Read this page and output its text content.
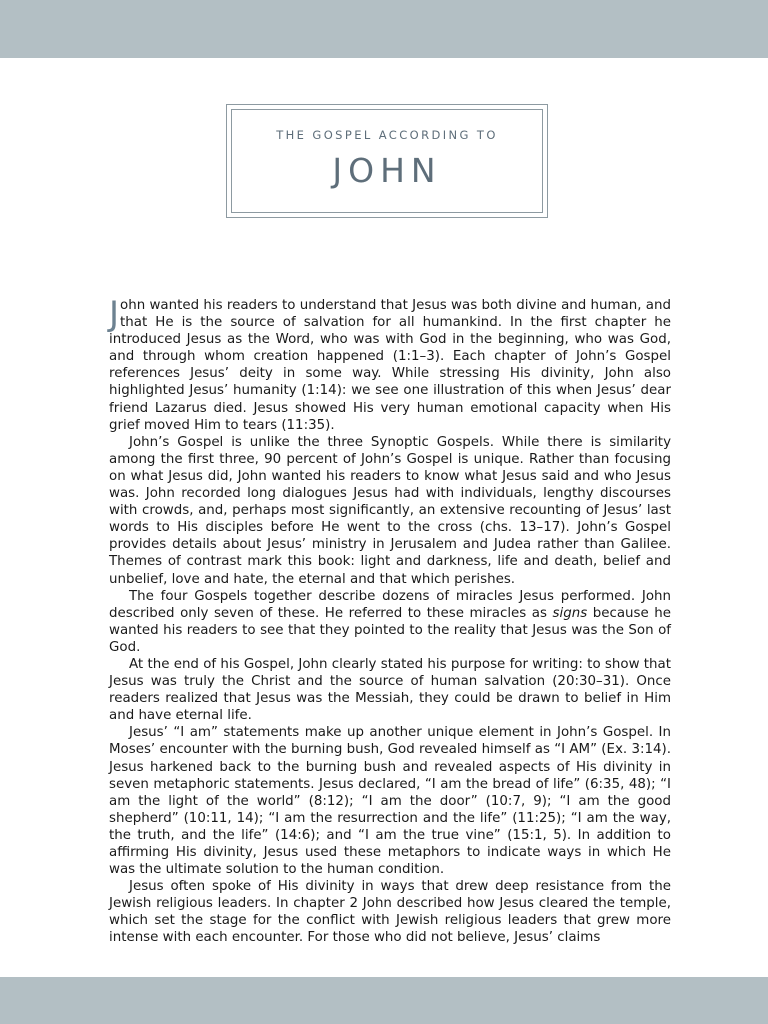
THE GOSPEL ACCORDING TO
JOHN

John wanted his readers to understand that Jesus was both divine and human, and that He is the source of salvation for all humankind. In the first chapter he introduced Jesus as the Word, who was with God in the beginning, who was God, and through whom creation happened (1:1–3). Each chapter of John’s Gospel references Jesus’ deity in some way. While stressing His divinity, John also highlighted Jesus’ humanity (1:14): we see one illustration of this when Jesus’ dear friend Lazarus died. Jesus showed His very human emotional capacity when His grief moved Him to tears (11:35).

John’s Gospel is unlike the three Synoptic Gospels. While there is similarity among the first three, 90 percent of John’s Gospel is unique. Rather than focusing on what Jesus did, John wanted his readers to know what Jesus said and who Jesus was. John recorded long dialogues Jesus had with individuals, lengthy discourses with crowds, and, perhaps most significantly, an extensive recounting of Jesus’ last words to His disciples before He went to the cross (chs. 13–17). John’s Gospel provides details about Jesus’ ministry in Jerusalem and Judea rather than Galilee. Themes of contrast mark this book: light and darkness, life and death, belief and unbelief, love and hate, the eternal and that which perishes.

The four Gospels together describe dozens of miracles Jesus performed. John described only seven of these. He referred to these miracles as signs because he wanted his readers to see that they pointed to the reality that Jesus was the Son of God.

At the end of his Gospel, John clearly stated his purpose for writing: to show that Jesus was truly the Christ and the source of human salvation (20:30–31). Once readers realized that Jesus was the Messiah, they could be drawn to belief in Him and have eternal life.

Jesus’ “I am” statements make up another unique element in John’s Gospel. In Moses’ encounter with the burning bush, God revealed himself as “I AM” (Ex. 3:14). Jesus harkened back to the burning bush and revealed aspects of His divinity in seven metaphoric statements. Jesus declared, “I am the bread of life” (6:35, 48); “I am the light of the world” (8:12); “I am the door” (10:7, 9); “I am the good shepherd” (10:11, 14); “I am the resurrection and the life” (11:25); “I am the way, the truth, and the life” (14:6); and “I am the true vine” (15:1, 5). In addition to affirming His divinity, Jesus used these metaphors to indicate ways in which He was the ultimate solution to the human condition.

Jesus often spoke of His divinity in ways that drew deep resistance from the Jewish religious leaders. In chapter 2 John described how Jesus cleared the temple, which set the stage for the conflict with Jewish religious leaders that grew more intense with each encounter. For those who did not believe, Jesus’ claims
